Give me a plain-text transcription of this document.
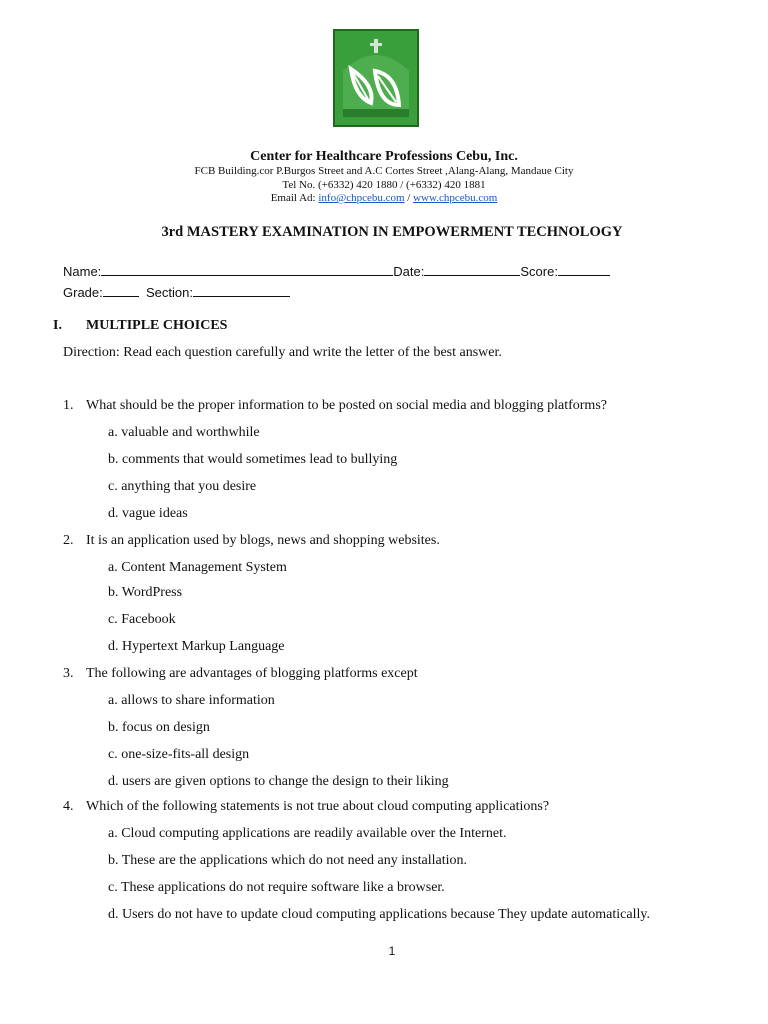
Center for Healthcare Professions Cebu, Inc.
FCB Building.cor P.Burgos Street and A.C Cortes Street ,Alang-Alang, Mandaue City
Tel No. (+6332) 420 1880 / (+6332) 420 1881
Email Ad: info@chpcebu.com / www.chpcebu.com
3rd MASTERY EXAMINATION IN EMPOWERMENT TECHNOLOGY
Name:	Date:	Score:
Grade:	Section:
I. MULTIPLE CHOICES
Direction: Read each question carefully and write the letter of the best answer.
1. What should be the proper information to be posted on social media and blogging platforms?
a. valuable and worthwhile
b. comments that would sometimes lead to bullying
c. anything that you desire
d. vague ideas
2. It is an application used by blogs, news and shopping websites.
a. Content Management System
b. WordPress
c. Facebook
d. Hypertext Markup Language
3. The following are advantages of blogging platforms except
a. allows to share information
b. focus on design
c. one-size-fits-all design
d. users are given options to change the design to their liking
4. Which of the following statements is not true about cloud computing applications?
a. Cloud computing applications are readily available over the Internet.
b. These are the applications which do not need any installation.
c. These applications do not require software like a browser.
d. Users do not have to update cloud computing applications because They update automatically.
1
